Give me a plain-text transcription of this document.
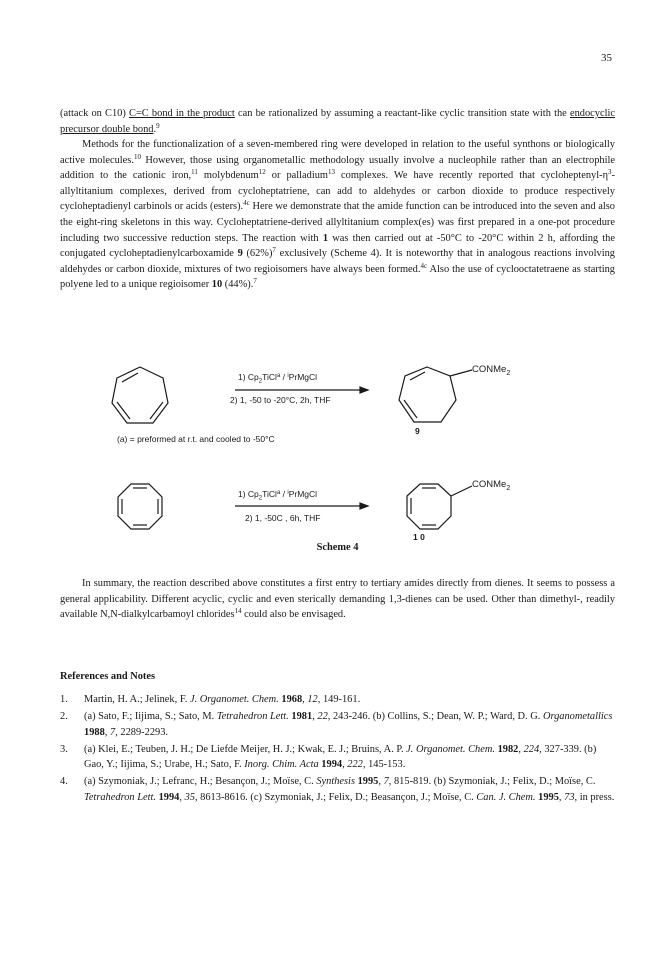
35

(attack on C10) C=C bond in the product can be rationalized by assuming a reactant-like cyclic transition state with the endocyclic precursor double bond.$^9$

Methods for the functionalization of a seven-membered ring were developed in relation to the useful synthons or biologically active molecules.$^{10}$ However, those using organometallic methodology usually involve a nucleophile rather than an electrophile addition to the cationic iron,$^{11}$ molybdenum$^{12}$ or palladium$^{13}$ complexes. We have recently reported that cycloheptenyl-$\eta^3$-allyltitanium complexes, derived from cycloheptatriene, can add to aldehydes or carbon dioxide to produce respectively cycloheptadienyl carbinols or acids (esters).$^{4c}$ Here we demonstrate that the amide function can be introduced into the seven and also the eight-ring skeletons in this way. Cycloheptatriene-derived allyltitanium complex(es) was first prepared in a one-pot procedure including two successive reduction steps. The reaction with 1 was then carried out at -50°C to -20°C within 2 h, affording the conjugated cycloheptadienylcarboxamide 9 $(62\%)^7$ exclusively (Scheme 4). It is noteworthy that in analogous reactions involving aldehydes or carbon dioxide, mixtures of two regioisomers have always been formed.$^{4c}$ Also the use of cyclooctatetraene as starting polyene led to a unique regioisomer 10 (44%).$^7$

1) $Cp_2TiCl^a$ / $^i$PrMgCl
2) 1, -50 to -20°C, 2h, THF
CONMe$_2$
9
(a) = preformed at r.t. and cooled to -50°C
1) $Cp_2TiCl^a$ / $^i$PrMgCl
2) 1, -50C , 6h, THF
CONMe$_2$
1 0
Scheme 4

In summary, the reaction described above constitutes a first entry to tertiary amides directly from dienes. It seems to possess a general applicability. Different acyclic, cyclic and even sterically demanding 1,3-dienes can be used. Other than dimethyl-, readily available N,N-dialkylcarbamoyl chlorides$^{14}$ could also be envisaged.

References and Notes
1. Martin, H. A.; Jelinek, F. J. Organomet. Chem. 1968, 12, 149-161.
2. (a) Sato, F.; Iijima, S.; Sato, M. Tetrahedron Lett. 1981, 22, 243-246. (b) Collins, S.; Dean, W. P.; Ward, D. G. Organometallics 1988, 7, 2289-2293.
3. (a) Klei, E.; Teuben, J. H.; De Liefde Meijer, H. J.; Kwak, E. J.; Bruins, A. P. J. Organomet. Chem. 1982, 224, 327-339. (b) Gao, Y.; Iijima, S.; Urabe, H.; Sato, F. Inorg. Chim. Acta 1994, 222, 145-153.
4. (a) Szymoniak, J.; Lefranc, H.; Besançon, J.; Moïse, C. Synthesis 1995, 7, 815-819. (b) Szymoniak, J.; Felix, D.; Moïse, C. Tetrahedron Lett. 1994, 35, 8613-8616. (c) Szymoniak, J.; Felix, D.; Beasançon, J.; Moïse, C. Can. J. Chem. 1995, 73, in press.
